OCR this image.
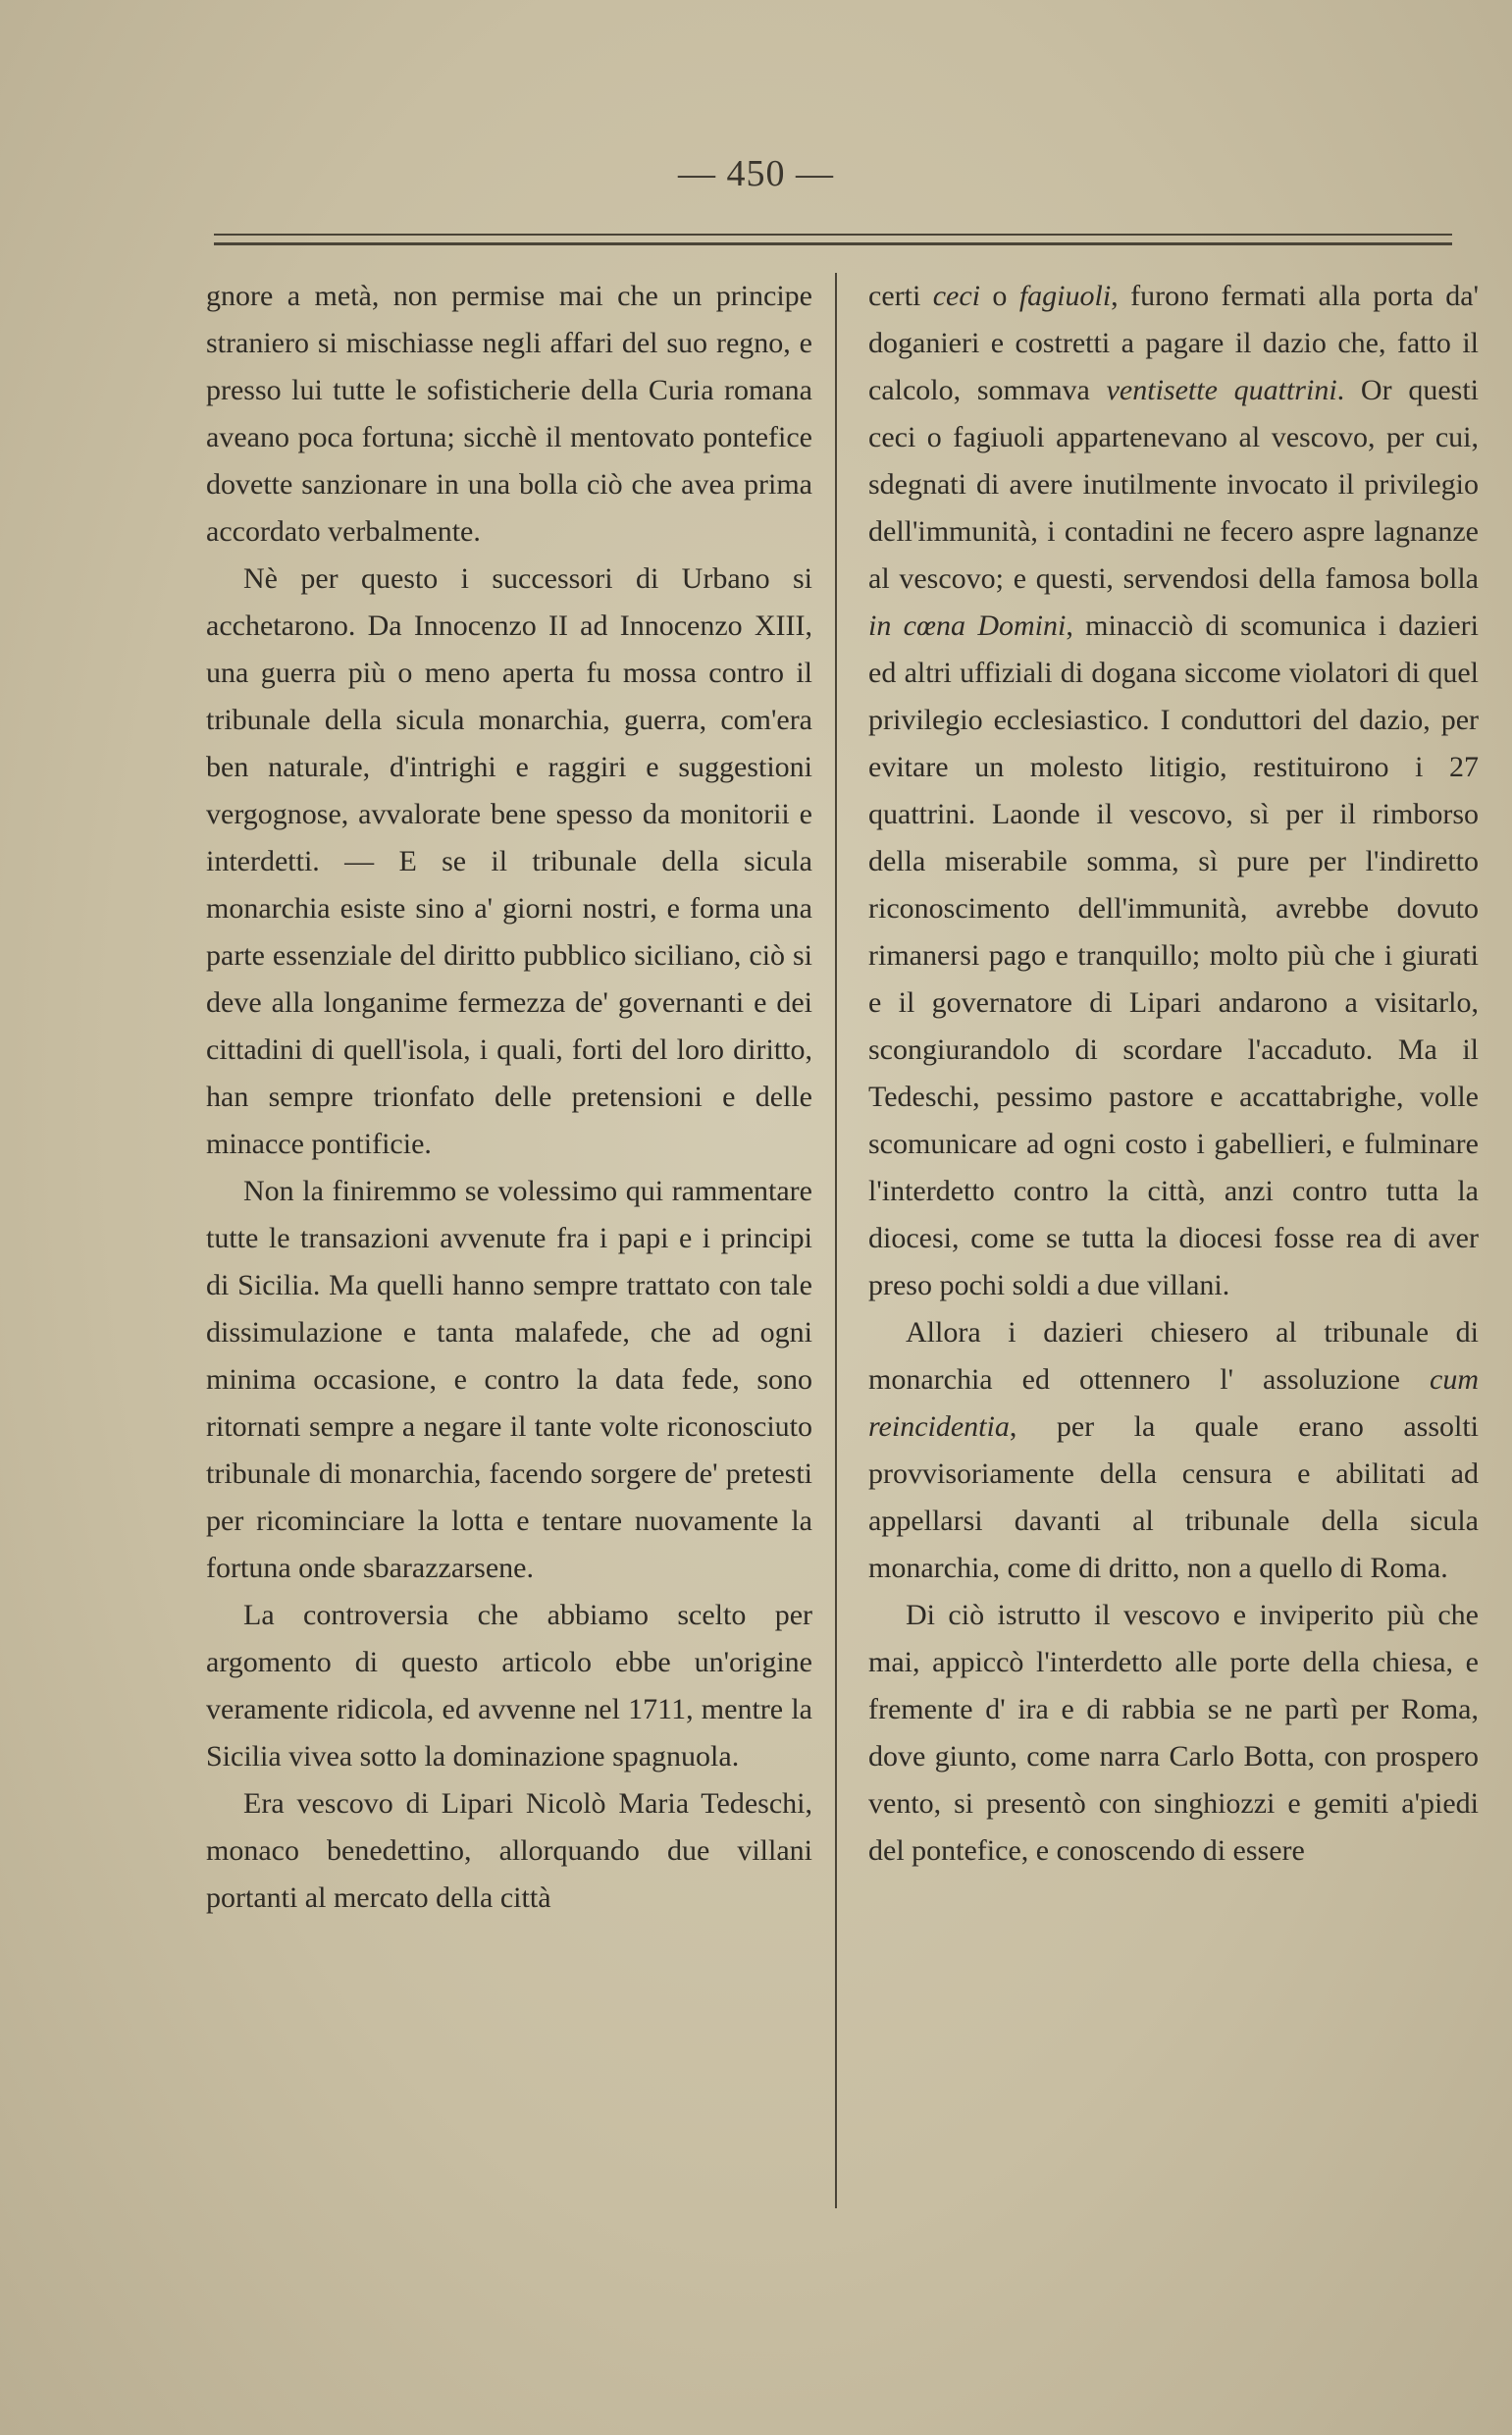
— 450 —

gnore a metà, non permise mai che un principe straniero si mischiasse negli affari del suo regno, e presso lui tutte le sofisticherie della Curia romana aveano poca fortuna; sicchè il mentovato pontefice dovette sanzionare in una bolla ciò che avea prima accordato verbalmente.

Nè per questo i successori di Urbano si acchetarono. Da Innocenzo II ad Innocenzo XIII, una guerra più o meno aperta fu mossa contro il tribunale della sicula monarchia, guerra, com'era ben naturale, d'intrighi e raggiri e suggestioni vergognose, avvalorate bene spesso da monitorii e interdetti. — E se il tribunale della sicula monarchia esiste sino a' giorni nostri, e forma una parte essenziale del diritto pubblico siciliano, ciò si deve alla longanime fermezza de' governanti e dei cittadini di quell'isola, i quali, forti del loro diritto, han sempre trionfato delle pretensioni e delle minacce pontificie.

Non la finiremmo se volessimo qui rammentare tutte le transazioni avvenute fra i papi e i principi di Sicilia. Ma quelli hanno sempre trattato con tale dissimulazione e tanta malafede, che ad ogni minima occasione, e contro la data fede, sono ritornati sempre a negare il tante volte riconosciuto tribunale di monarchia, facendo sorgere de' pretesti per ricominciare la lotta e tentare nuovamente la fortuna onde sbarazzarsene.

La controversia che abbiamo scelto per argomento di questo articolo ebbe un'origine veramente ridicola, ed avvenne nel 1711, mentre la Sicilia vivea sotto la dominazione spagnuola.

Era vescovo di Lipari Nicolò Maria Tedeschi, monaco benedettino, allorquando due villani portanti al mercato della città

certi ceci o fagiuoli, furono fermati alla porta da' doganieri e costretti a pagare il dazio che, fatto il calcolo, sommava ventisette quattrini. Or questi ceci o fagiuoli appartenevano al vescovo, per cui, sdegnati di avere inutilmente invocato il privilegio dell'immunità, i contadini ne fecero aspre lagnanze al vescovo; e questi, servendosi della famosa bolla in cœna Domini, minacciò di scomunica i dazieri ed altri uffiziali di dogana siccome violatori di quel privilegio ecclesiastico. I conduttori del dazio, per evitare un molesto litigio, restituirono i 27 quattrini. Laonde il vescovo, sì per il rimborso della miserabile somma, sì pure per l'indiretto riconoscimento dell'immunità, avrebbe dovuto rimanersi pago e tranquillo; molto più che i giurati e il governatore di Lipari andarono a visitarlo, scongiurandolo di scordare l'accaduto. Ma il Tedeschi, pessimo pastore e accattabrighe, volle scomunicare ad ogni costo i gabellieri, e fulminare l'interdetto contro la città, anzi contro tutta la diocesi, come se tutta la diocesi fosse rea di aver preso pochi soldi a due villani.

Allora i dazieri chiesero al tribunale di monarchia ed ottennero l' assoluzione cum reincidentia, per la quale erano assolti provvisoriamente della censura e abilitati ad appellarsi davanti al tribunale della sicula monarchia, come di dritto, non a quello di Roma.

Di ciò istrutto il vescovo e inviperito più che mai, appiccò l'interdetto alle porte della chiesa, e fremente d' ira e di rabbia se ne partì per Roma, dove giunto, come narra Carlo Botta, con prospero vento, si presentò con singhiozzi e gemiti a'piedi del pontefice, e conoscendo di essere
